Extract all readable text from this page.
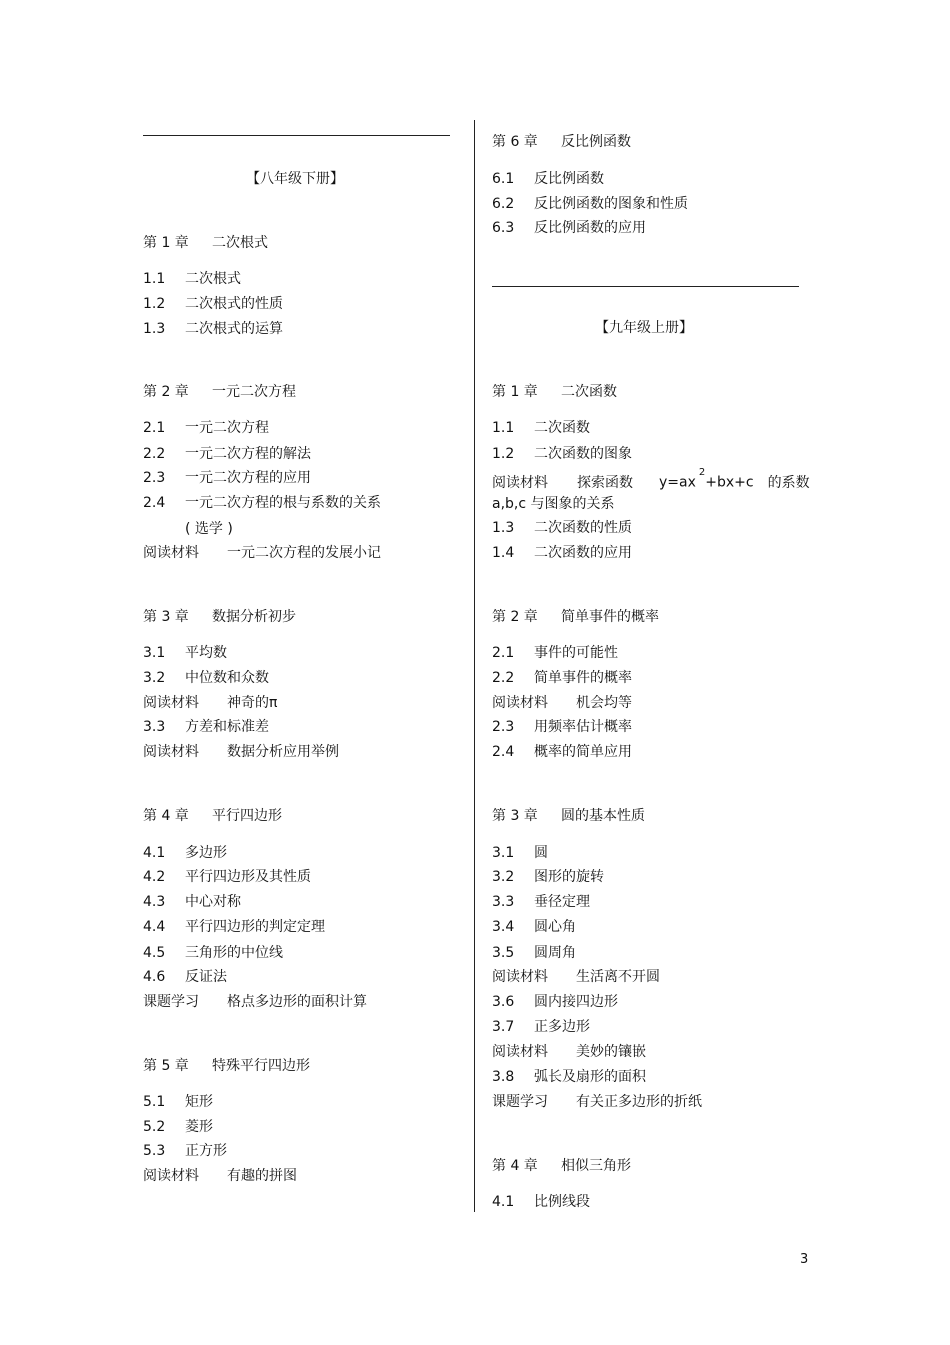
3
【八年级下册】
第 1 章 二次根式
1.1 二次根式
1.2 二次根式的性质
1.3 二次根式的运算
第 2 章 一元二次方程
2.1 一元二次方程
2.2 一元二次方程的解法
2.3 一元二次方程的应用
2.4 一元二次方程的根与系数的关系
( 选学 )
阅读材料 一元二次方程的发展小记
第 3 章 数据分析初步
3.1 平均数
3.2 中位数和众数
阅读材料 神奇的π
3.3 方差和标准差
阅读材料 数据分析应用举例
第 4 章 平行四边形
4.1 多边形
4.2 平行四边形及其性质
4.3 中心对称
4.4 平行四边形的判定定理
4.5 三角形的中位线
4.6 反证法
课题学习 格点多边形的面积计算
第 5 章 特殊平行四边形
5.1 矩形
5.2 菱形
5.3 正方形
阅读材料 有趣的拼图
第 6 章 反比例函数
6.1 反比例函数
6.2 反比例函数的图象和性质
6.3 反比例函数的应用
【九年级上册】
第 1 章 二次函数
1.1 二次函数
1.2 二次函数的图象
阅读材料 探索函数 $y=ax^2+bx+c$ 的系数
a,b,c 与图象的关系
1.3 二次函数的性质
1.4 二次函数的应用
第 2 章 简单事件的概率
2.1 事件的可能性
2.2 简单事件的概率
阅读材料 机会均等
2.3 用频率估计概率
2.4 概率的简单应用
第 3 章 圆的基本性质
3.1 圆
3.2 图形的旋转
3.3 垂径定理
3.4 圆心角
3.5 圆周角
阅读材料 生活离不开圆
3.6 圆内接四边形
3.7 正多边形
阅读材料 美妙的镶嵌
3.8 弧长及扇形的面积
课题学习 有关正多边形的折纸
第 4 章 相似三角形
4.1 比例线段
